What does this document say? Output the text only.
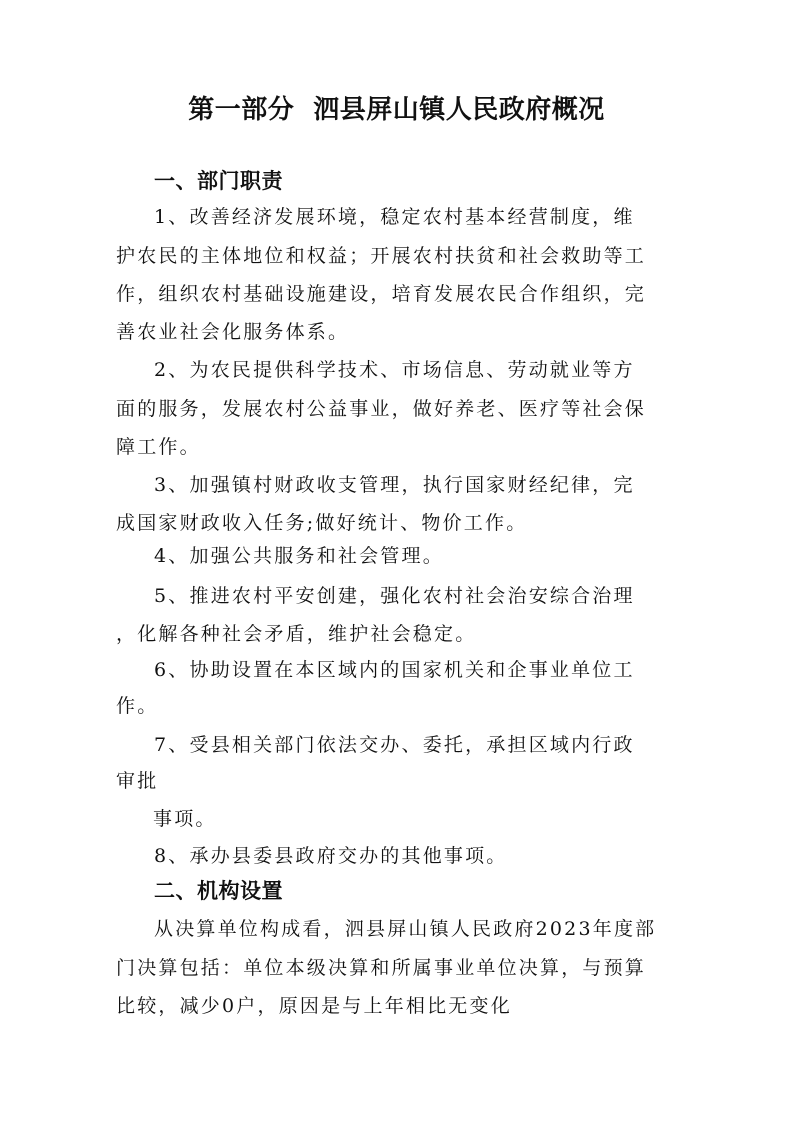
第一部分  泗县屏山镇人民政府概况
一、部门职责
1、改善经济发展环境，稳定农村基本经营制度，维
护农民的主体地位和权益；开展农村扶贫和社会救助等工
作，组织农村基础设施建设，培育发展农民合作组织，完
善农业社会化服务体系。
2、为农民提供科学技术、市场信息、劳动就业等方
面的服务，发展农村公益事业，做好养老、医疗等社会保
障工作。
3、加强镇村财政收支管理，执行国家财经纪律，完
成国家财政收入任务;做好统计、物价工作。
4、加强公共服务和社会管理。
5、推进农村平安创建，强化农村社会治安综合治理
，化解各种社会矛盾，维护社会稳定。
6、协助设置在本区域内的国家机关和企事业单位工
作。
7、受县相关部门依法交办、委托，承担区域内行政
审批
事项。
8、承办县委县政府交办的其他事项。
二、机构设置
从决算单位构成看，泗县屏山镇人民政府2023年度部
门决算包括：单位本级决算和所属事业单位决算，与预算
比较，减少0户，原因是与上年相比无变化
